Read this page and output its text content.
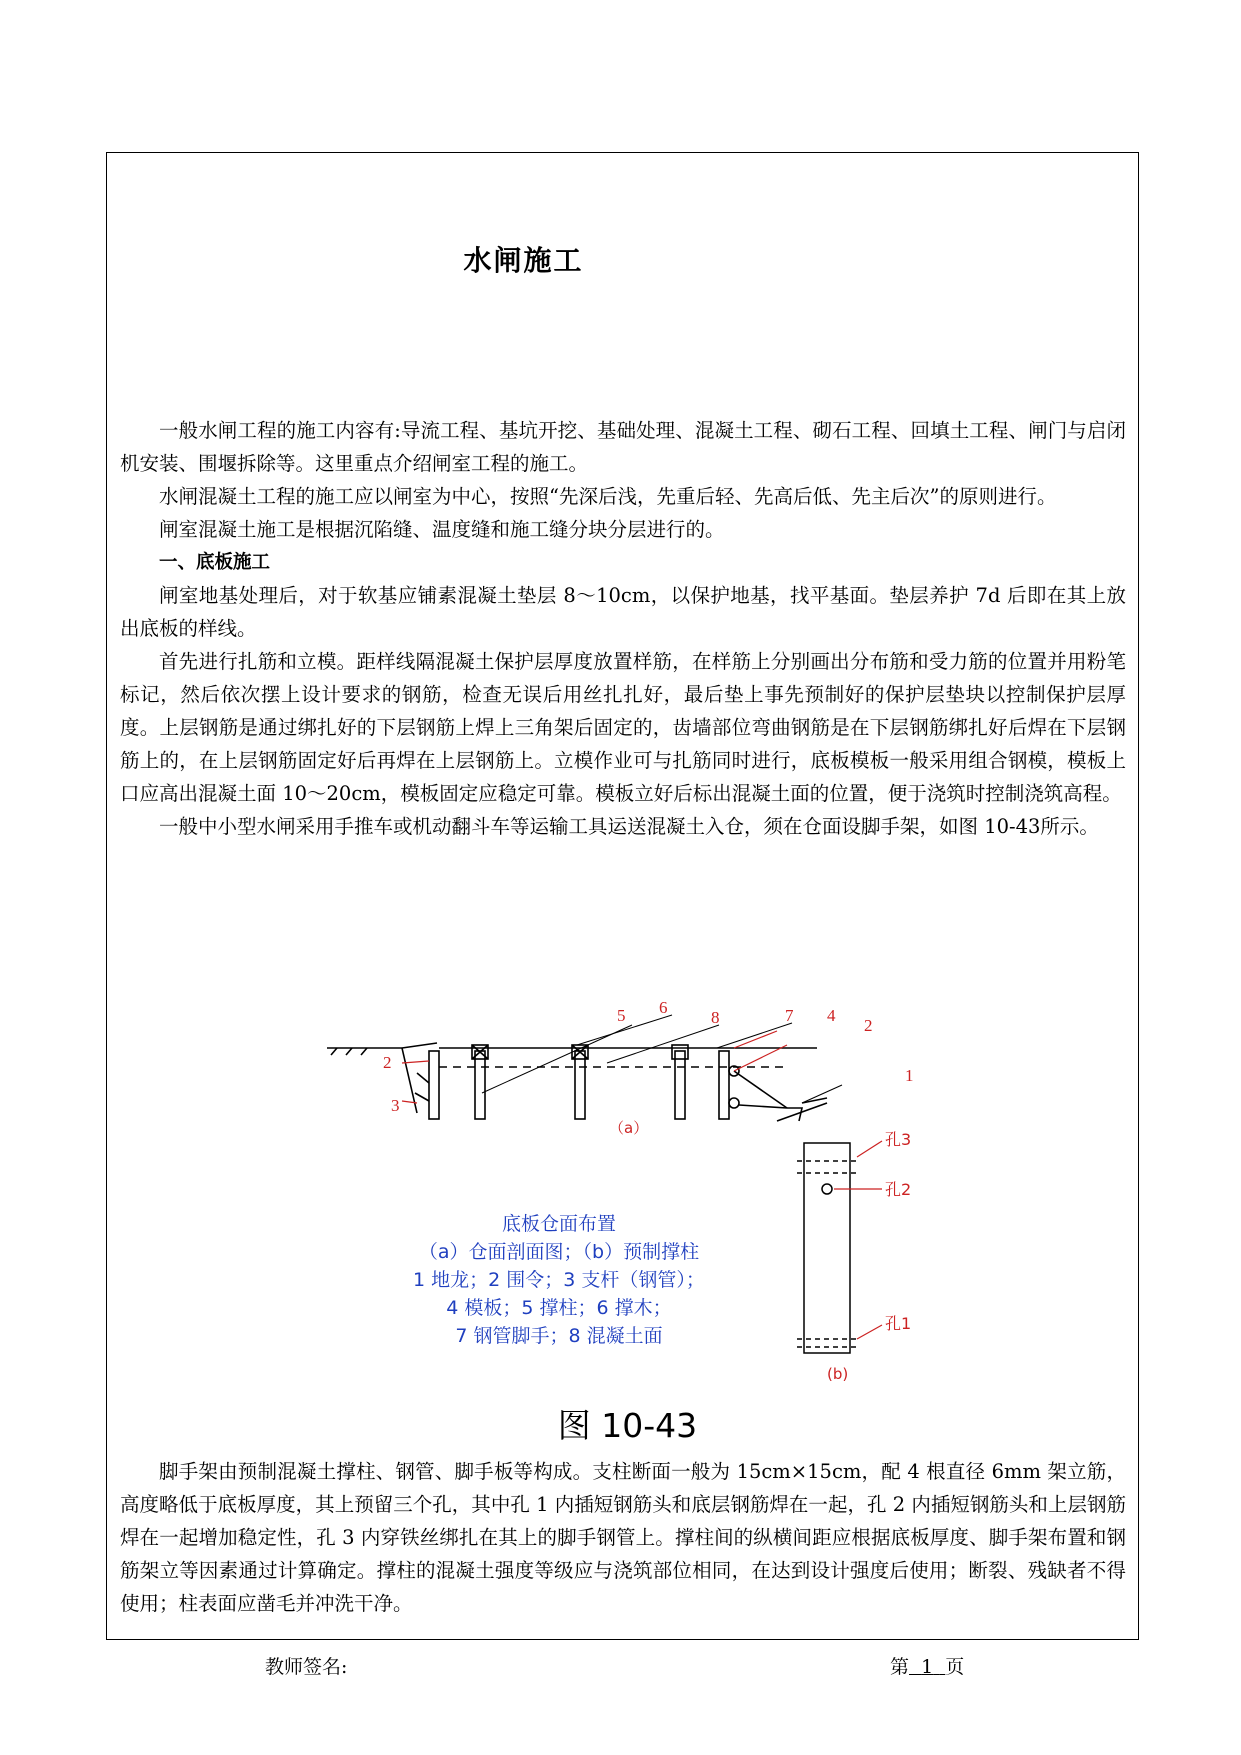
水闸施工

一般水闸工程的施工内容有:导流工程、基坑开挖、基础处理、混凝土工程、砌石工程、回填土工程、闸门与启闭机安装、围堰拆除等。这里重点介绍闸室工程的施工。

水闸混凝土工程的施工应以闸室为中心，按照“先深后浅，先重后轻、先高后低、先主后次”的原则进行。

闸室混凝土施工是根据沉陷缝、温度缝和施工缝分块分层进行的。

一、底板施工

闸室地基处理后，对于软基应铺素混凝土垫层 8～10cm，以保护地基，找平基面。垫层养护 7d 后即在其上放出底板的样线。

首先进行扎筋和立模。距样线隔混凝土保护层厚度放置样筋，在样筋上分别画出分布筋和受力筋的位置并用粉笔标记，然后依次摆上设计要求的钢筋，检查无误后用丝扎扎好，最后垫上事先预制好的保护层垫块以控制保护层厚度。上层钢筋是通过绑扎好的下层钢筋上焊上三角架后固定的，齿墙部位弯曲钢筋是在下层钢筋绑扎好后焊在下层钢筋上的，在上层钢筋固定好后再焊在上层钢筋上。立模作业可与扎筋同时进行，底板模板一般采用组合钢模，模板上口应高出混凝土面 10～20cm，模板固定应稳定可靠。模板立好后标出混凝土面的位置，便于浇筑时控制浇筑高程。

一般中小型水闸采用手推车或机动翻斗车等运输工具运送混凝土入仓，须在仓面设脚手架，如图 10-43所示。

5 6
8	7 4
2
1
2
3
（a）
孔3
孔2
孔1
(b)
底板仓面布置
（a）仓面剖面图；（b）预制撑柱
1 地龙；2 围令；3 支杆（钢管）；
4 模板；5 撑柱；6 撑木；
7 钢管脚手；8 混凝土面
图 10-43

脚手架由预制混凝土撑柱、钢管、脚手板等构成。支柱断面一般为 15cm×15cm，配 4 根直径 6mm 架立筋，高度略低于底板厚度，其上预留三个孔，其中孔 1 内插短钢筋头和底层钢筋焊在一起，孔 2 内插短钢筋头和上层钢筋焊在一起增加稳定性，孔 3 内穿铁丝绑扎在其上的脚手钢管上。撑柱间的纵横间距应根据底板厚度、脚手架布置和钢筋架立等因素通过计算确定。撑柱的混凝土强度等级应与浇筑部位相同，在达到设计强度后使用；断裂、残缺者不得使用；柱表面应凿毛并冲洗干净。

教师签名:	第 1 页
